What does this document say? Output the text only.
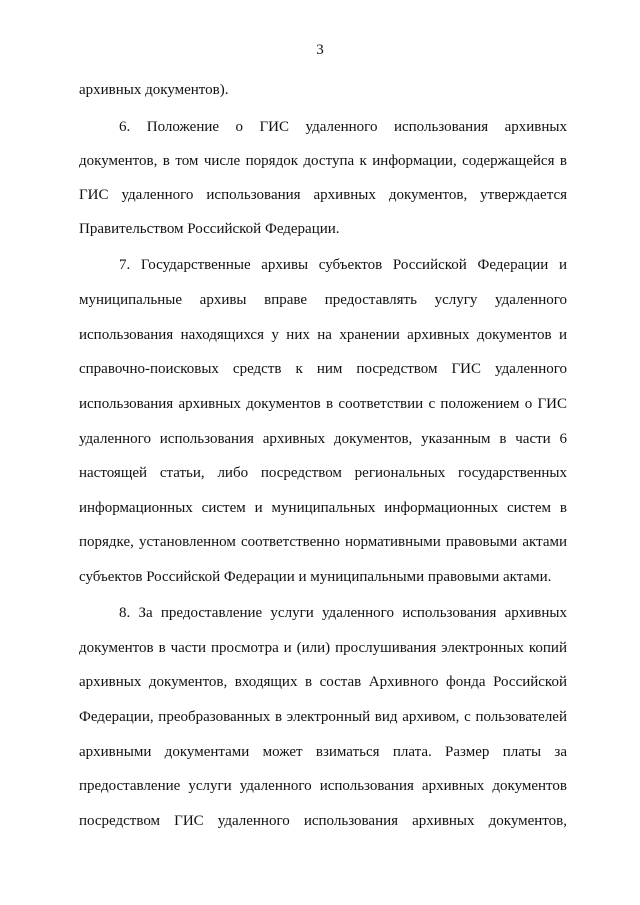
3
архивных документов).
6. Положение о ГИС удаленного использования архивных
документов, в том числе порядок доступа к информации, содержащейся в
ГИС удаленного использования архивных документов, утверждается
Правительством Российской Федерации.
7. Государственные архивы субъектов Российской Федерации и
муниципальные архивы вправе предоставлять услугу удаленного
использования находящихся у них на хранении архивных документов и
справочно-поисковых средств к ним посредством ГИС удаленного
использования архивных документов в соответствии с положением о ГИС
удаленного использования архивных документов, указанным в части 6
настоящей статьи, либо посредством региональных государственных
информационных систем и муниципальных информационных систем в
порядке, установленном соответственно нормативными правовыми актами
субъектов Российской Федерации и муниципальными правовыми актами.
8. За предоставление услуги удаленного использования архивных
документов в части просмотра и (или) прослушивания электронных копий
архивных документов, входящих в состав Архивного фонда Российской
Федерации, преобразованных в электронный вид архивом, с пользователей
архивными документами может взиматься плата. Размер платы за
предоставление услуги удаленного использования архивных документов
посредством ГИС удаленного использования архивных документов,
